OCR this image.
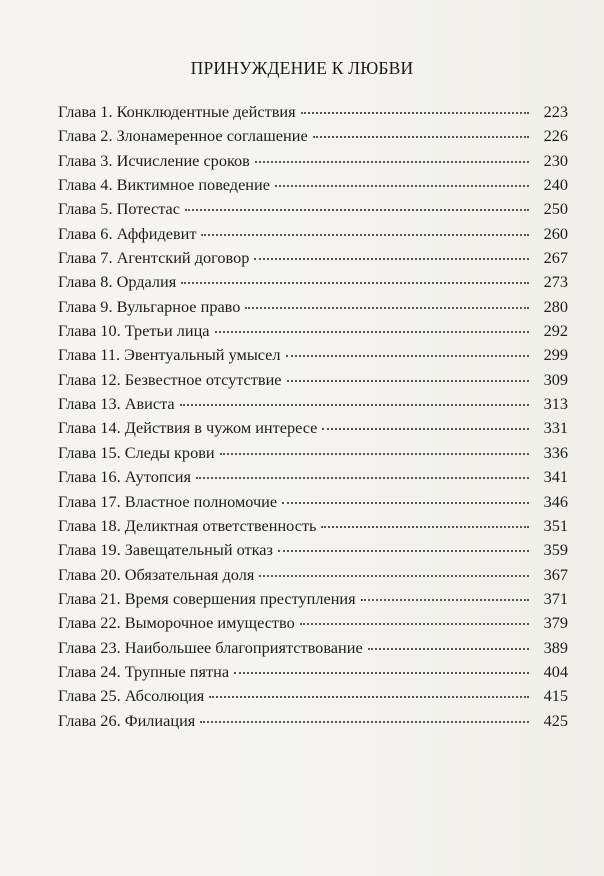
ПРИНУЖДЕНИЕ К ЛЮБВИ
Глава 1. Конклюдентные действия	223
Глава 2. Злонамеренное соглашение	226
Глава 3. Исчисление сроков	230
Глава 4. Виктимное поведение	240
Глава 5. Потестас	250
Глава 6. Аффидевит	260
Глава 7. Агентский договор	267
Глава 8. Ордалия	273
Глава 9. Вульгарное право	280
Глава 10. Третьи лица	292
Глава 11. Эвентуальный умысел	299
Глава 12. Безвестное отсутствие	309
Глава 13. Ависта	313
Глава 14. Действия в чужом интересе	331
Глава 15. Следы крови	336
Глава 16. Аутопсия	341
Глава 17. Властное полномочие	346
Глава 18. Деликтная ответственность	351
Глава 19. Завещательный отказ	359
Глава 20. Обязательная доля	367
Глава 21. Время совершения преступления	371
Глава 22. Выморочное имущество	379
Глава 23. Наибольшее благоприятствование	389
Глава 24. Трупные пятна	404
Глава 25. Абсолюция	415
Глава 26. Филиация	425
